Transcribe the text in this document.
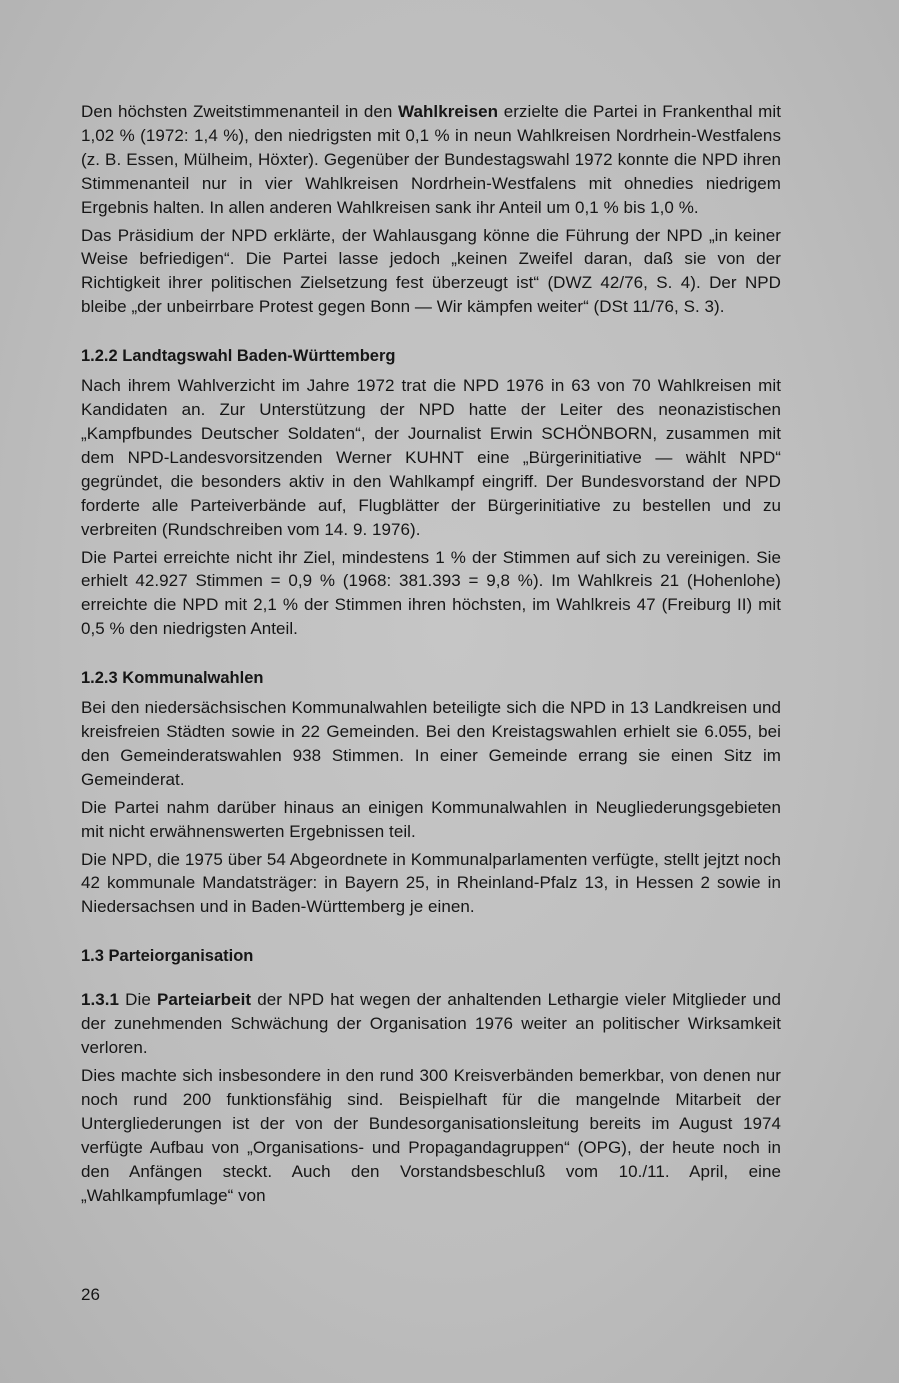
Den höchsten Zweitstimmenanteil in den Wahlkreisen erzielte die Partei in Frankenthal mit 1,02 % (1972: 1,4 %), den niedrigsten mit 0,1 % in neun Wahlkreisen Nordrhein-Westfalens (z. B. Essen, Mülheim, Höxter). Gegenüber der Bundestagswahl 1972 konnte die NPD ihren Stimmenanteil nur in vier Wahlkreisen Nordrhein-Westfalens mit ohnedies niedrigem Ergebnis halten. In allen anderen Wahlkreisen sank ihr Anteil um 0,1 % bis 1,0 %.

Das Präsidium der NPD erklärte, der Wahlausgang könne die Führung der NPD „in keiner Weise befriedigen“. Die Partei lasse jedoch „keinen Zweifel daran, daß sie von der Richtigkeit ihrer politischen Zielsetzung fest überzeugt ist“ (DWZ 42/76, S. 4). Der NPD bleibe „der unbeirrbare Protest gegen Bonn — Wir kämpfen weiter“ (DSt 11/76, S. 3).

1.2.2 Landtagswahl Baden-Württemberg

Nach ihrem Wahlverzicht im Jahre 1972 trat die NPD 1976 in 63 von 70 Wahlkreisen mit Kandidaten an. Zur Unterstützung der NPD hatte der Leiter des neonazistischen „Kampfbundes Deutscher Soldaten“, der Journalist Erwin SCHÖNBORN, zusammen mit dem NPD-Landesvorsitzenden Werner KUHNT eine „Bürgerinitiative — wählt NPD“ gegründet, die besonders aktiv in den Wahlkampf eingriff. Der Bundesvorstand der NPD forderte alle Parteiverbände auf, Flugblätter der Bürgerinitiative zu bestellen und zu verbreiten (Rundschreiben vom 14. 9. 1976).

Die Partei erreichte nicht ihr Ziel, mindestens 1 % der Stimmen auf sich zu vereinigen. Sie erhielt 42.927 Stimmen = 0,9 % (1968: 381.393 = 9,8 %). Im Wahlkreis 21 (Hohenlohe) erreichte die NPD mit 2,1 % der Stimmen ihren höchsten, im Wahlkreis 47 (Freiburg II) mit 0,5 % den niedrigsten Anteil.

1.2.3 Kommunalwahlen

Bei den niedersächsischen Kommunalwahlen beteiligte sich die NPD in 13 Landkreisen und kreisfreien Städten sowie in 22 Gemeinden. Bei den Kreistagswahlen erhielt sie 6.055, bei den Gemeinderatswahlen 938 Stimmen. In einer Gemeinde errang sie einen Sitz im Gemeinderat.

Die Partei nahm darüber hinaus an einigen Kommunalwahlen in Neugliederungsgebieten mit nicht erwähnenswerten Ergebnissen teil.

Die NPD, die 1975 über 54 Abgeordnete in Kommunalparlamenten verfügte, stellt jejtzt noch 42 kommunale Mandatsträger: in Bayern 25, in Rheinland-Pfalz 13, in Hessen 2 sowie in Niedersachsen und in Baden-Württemberg je einen.

1.3 Parteiorganisation

1.3.1 Die Parteiarbeit der NPD hat wegen der anhaltenden Lethargie vieler Mitglieder und der zunehmenden Schwächung der Organisation 1976 weiter an politischer Wirksamkeit verloren.

Dies machte sich insbesondere in den rund 300 Kreisverbänden bemerkbar, von denen nur noch rund 200 funktionsfähig sind. Beispielhaft für die mangelnde Mitarbeit der Untergliederungen ist der von der Bundesorganisationsleitung bereits im August 1974 verfügte Aufbau von „Organisations- und Propagandagruppen“ (OPG), der heute noch in den Anfängen steckt. Auch den Vorstandsbeschluß vom 10./11. April, eine „Wahlkampfumlage“ von

26
